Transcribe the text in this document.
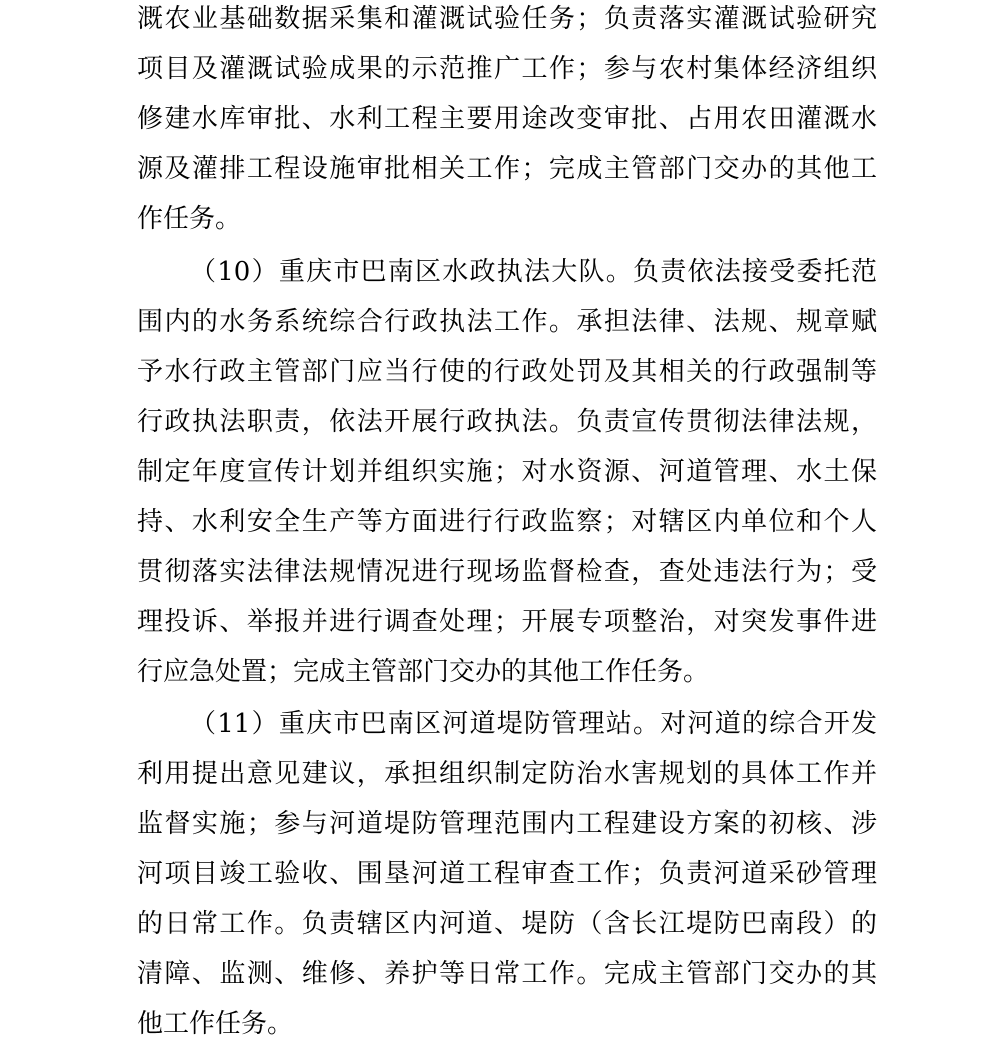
溉农业基础数据采集和灌溉试验任务；负责落实灌溉试验研究

项目及灌溉试验成果的示范推广工作；参与农村集体经济组织

修建水库审批、水利工程主要用途改变审批、占用农田灌溉水

源及灌排工程设施审批相关工作；完成主管部门交办的其他工

作任务。

（10）重庆市巴南区水政执法大队。负责依法接受委托范

围内的水务系统综合行政执法工作。承担法律、法规、规章赋

予水行政主管部门应当行使的行政处罚及其相关的行政强制等

行政执法职责，依法开展行政执法。负责宣传贯彻法律法规，

制定年度宣传计划并组织实施；对水资源、河道管理、水土保

持、水利安全生产等方面进行行政监察；对辖区内单位和个人

贯彻落实法律法规情况进行现场监督检查，查处违法行为；受

理投诉、举报并进行调查处理；开展专项整治，对突发事件进

行应急处置；完成主管部门交办的其他工作任务。

（11）重庆市巴南区河道堤防管理站。对河道的综合开发

利用提出意见建议，承担组织制定防治水害规划的具体工作并

监督实施；参与河道堤防管理范围内工程建设方案的初核、涉

河项目竣工验收、围垦河道工程审查工作；负责河道采砂管理

的日常工作。负责辖区内河道、堤防（含长江堤防巴南段）的

清障、监测、维修、养护等日常工作。完成主管部门交办的其

他工作任务。
